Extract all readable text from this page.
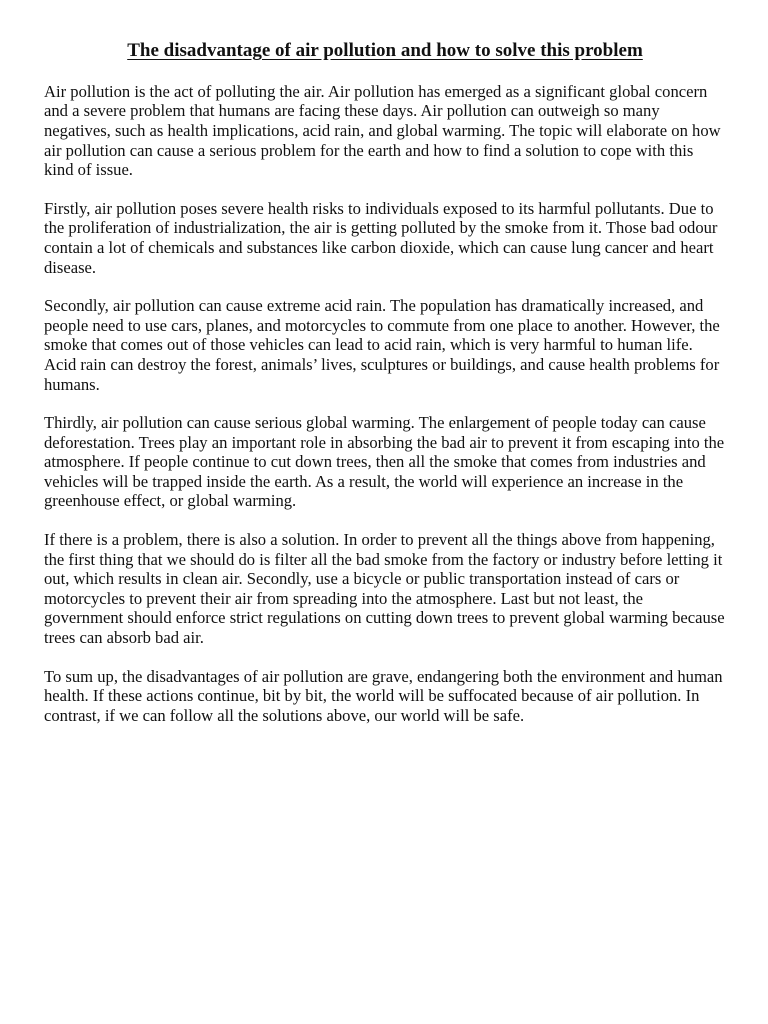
The disadvantage of air pollution and how to solve this problem

Air pollution is the act of polluting the air. Air pollution has emerged as a significant global concern and a severe problem that humans are facing these days. Air pollution can outweigh so many negatives, such as health implications, acid rain, and global warming. The topic will elaborate on how air pollution can cause a serious problem for the earth and how to find a solution to cope with this kind of issue.

Firstly, air pollution poses severe health risks to individuals exposed to its harmful pollutants. Due to the proliferation of industrialization, the air is getting polluted by the smoke from it. Those bad odour contain a lot of chemicals and substances like carbon dioxide, which can cause lung cancer and heart disease.

Secondly, air pollution can cause extreme acid rain. The population has dramatically increased, and people need to use cars, planes, and motorcycles to commute from one place to another. However, the smoke that comes out of those vehicles can lead to acid rain, which is very harmful to human life. Acid rain can destroy the forest, animals’ lives, sculptures or buildings, and cause health problems for humans.

Thirdly, air pollution can cause serious global warming. The enlargement of people today can cause deforestation. Trees play an important role in absorbing the bad air to prevent it from escaping into the atmosphere. If people continue to cut down trees, then all the smoke that comes from industries and vehicles will be trapped inside the earth. As a result, the world will experience an increase in the greenhouse effect, or global warming.

If there is a problem, there is also a solution. In order to prevent all the things above from happening, the first thing that we should do is filter all the bad smoke from the factory or industry before letting it out, which results in clean air. Secondly, use a bicycle or public transportation instead of cars or motorcycles to prevent their air from spreading into the atmosphere. Last but not least, the government should enforce strict regulations on cutting down trees to prevent global warming because trees can absorb bad air.

To sum up, the disadvantages of air pollution are grave, endangering both the environment and human health. If these actions continue, bit by bit, the world will be suffocated because of air pollution. In contrast, if we can follow all the solutions above, our world will be safe.
